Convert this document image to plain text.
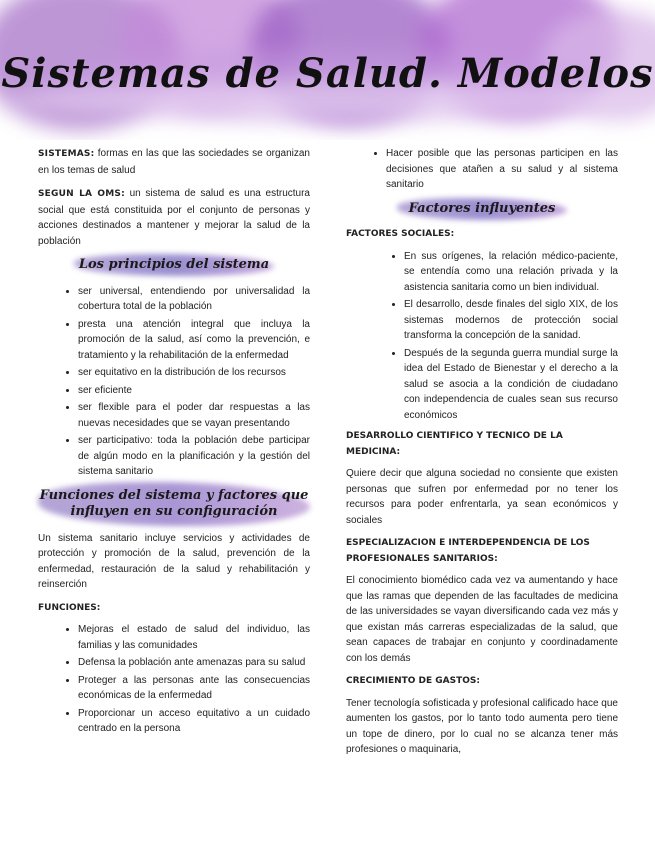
Sistemas de Salud. Modelos

SISTEMAS: formas en las que las sociedades se organizan en los temas de salud

SEGUN LA OMS: un sistema de salud es una estructura social que está constituida por el conjunto de personas y acciones destinados a mantener y mejorar la salud de la población

Los principios del sistema
• ser universal, entendiendo por universalidad la cobertura total de la población
• presta una atención integral que incluya la promoción de la salud, así como la prevención, e tratamiento y la rehabilitación de la enfermedad
• ser equitativo en la distribución de los recursos
• ser eficiente
• ser flexible para el poder dar respuestas a las nuevas necesidades que se vayan presentando
• ser participativo: toda la población debe participar de algún modo en la planificación y la gestión del sistema sanitario
Funciones del sistema y factores que influyen en su configuración

Un sistema sanitario incluye servicios y actividades de protección y promoción de la salud, prevención de la enfermedad, restauración de la salud y rehabilitación y reinserción

FUNCIONES:
• Mejoras el estado de salud del individuo, las familias y las comunidades
• Defensa la población ante amenazas para su salud
• Proteger a las personas ante las consecuencias económicas de la enfermedad
• Proporcionar un acceso equitativo a un cuidado centrado en la persona
• Hacer posible que las personas participen en las decisiones que atañen a su salud y al sistema sanitario
Factores influyentes
FACTORES SOCIALES:
• En sus orígenes, la relación médico-paciente, se entendía como una relación privada y la asistencia sanitaria como un bien individual.
• El desarrollo, desde finales del siglo XIX, de los sistemas modernos de protección social transforma la concepción de la sanidad.
• Después de la segunda guerra mundial surge la idea del Estado de Bienestar y el derecho a la salud se asocia a la condición de ciudadano con independencia de cuales sean sus recurso económicos
DESARROLLO CIENTIFICO Y TECNICO DE LA MEDICINA:

Quiere decir que alguna sociedad no consiente que existen personas que sufren por enfermedad por no tener los recursos para poder enfrentarla, ya sean económicos y sociales

ESPECIALIZACION E INTERDEPENDENCIA DE LOS PROFESIONALES SANITARIOS:

El conocimiento biomédico cada vez va aumentando y hace que las ramas que dependen de las facultades de medicina de las universidades se vayan diversificando cada vez más y que existan más carreras especializadas de la salud, que sean capaces de trabajar en conjunto y coordinadamente con los demás

CRECIMIENTO DE GASTOS:

Tener tecnología sofisticada y profesional calificado hace que aumenten los gastos, por lo tanto todo aumenta pero tiene un tope de dinero, por lo cual no se alcanza tener más profesiones o maquinaria,
